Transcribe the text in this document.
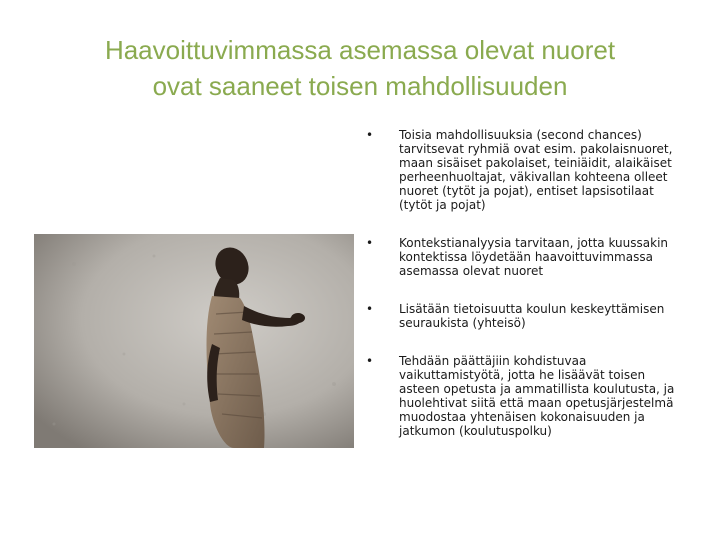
Haavoittuvimmassa asemassa olevat nuoret
ovat saaneet toisen mahdollisuuden
• Toisia mahdollisuuksia (second chances) tarvitsevat ryhmiä ovat esim. pakolaisnuoret, maan sisäiset pakolaiset, teiniäidit, alaikäiset perheenhuoltajat, väkivallan kohteena olleet nuoret (tytöt ja pojat), entiset lapsisotilaat (tytöt ja pojat)
• Kontekstianalyysia tarvitaan, jotta kuussakin kontektissa löydetään haavoittuvimmassa asemassa olevat nuoret
• Lisätään tietoisuutta koulun keskeyttämisen seuraukista (yhteisö)
• Tehdään päättäjiin kohdistuvaa vaikuttamistyötä, jotta he lisäävät toisen asteen opetusta ja ammatillista koulutusta, ja huolehtivat siitä että maan opetusjärjestelmä muodostaa yhtenäisen kokonaisuuden ja jatkumon (koulutuspolku)
